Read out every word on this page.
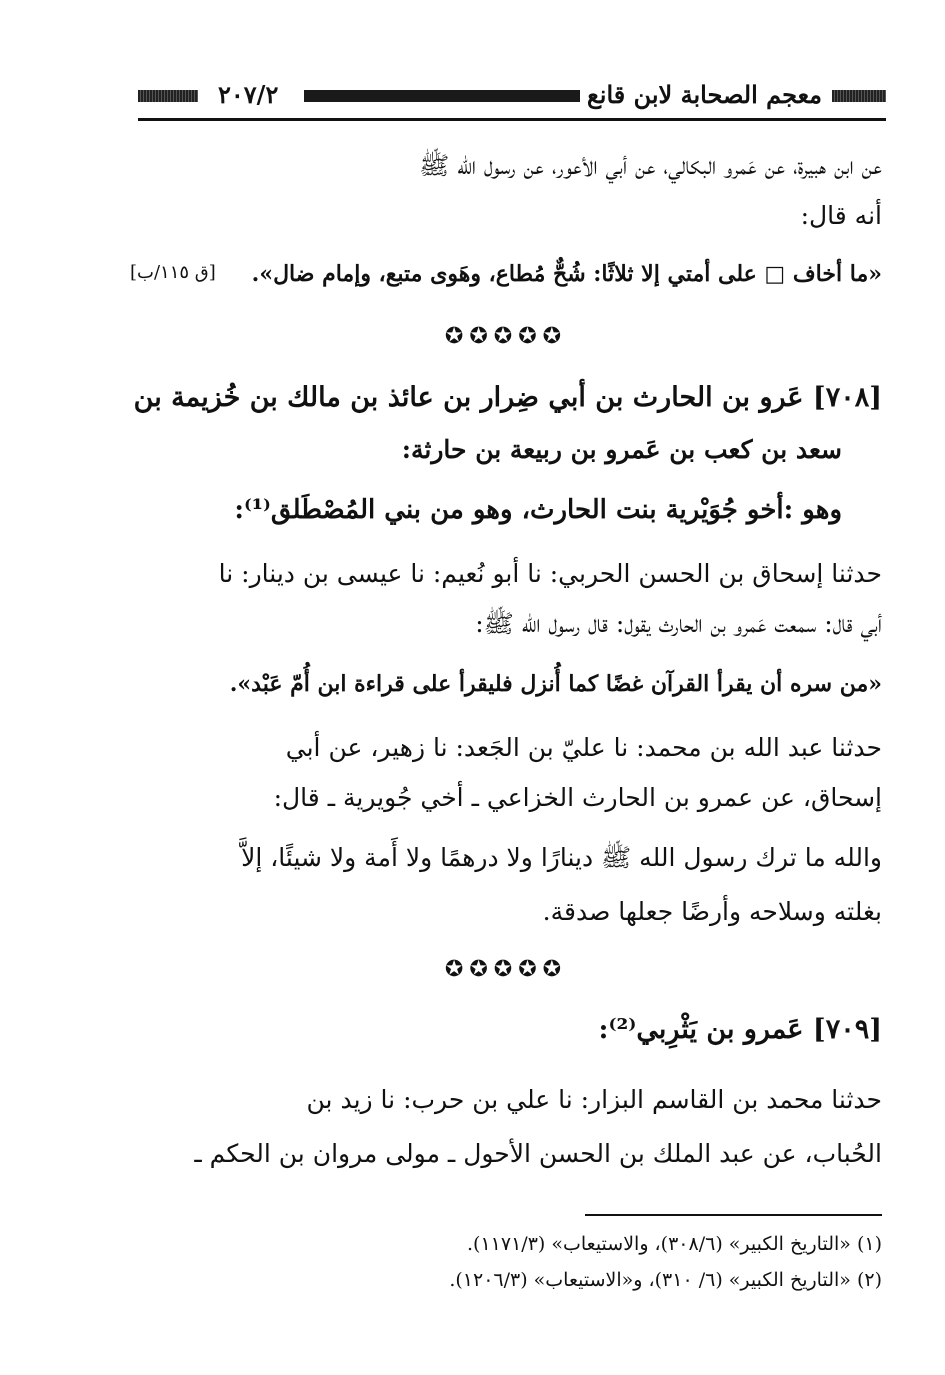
معجم الصحابة لابن قانع
٢٠٧/٢
عن ابن هبيرة، عن عَمرو البكالي، عن أبي الأعور، عن رسول الله ﷺ
أنه قال:
«ما أخاف □ على أمتي إلا ثلاثًا: شُحٌّ مُطاع، وهَوى متبع، وإمام ضال».
[ق ١١٥/ب]
✪✪✪✪✪
[٧٠٨] عَرو بن الحارث بن أبي ضِرار بن عائذ بن مالك بن خُزيمة بن
سعد بن كعب بن عَمرو بن ربيعة بن حارثة:
وهو :أخو جُوَيْرية بنت الحارث، وهو من بني المُصْطَلق⁽¹⁾:
حدثنا إسحاق بن الحسن الحربي: نا أبو نُعيم: نا عيسى بن دينار: نا
أبي قال: سمعت عَمرو بن الحارث يقول: قال رسول الله ﷺ:
«من سره أن يقرأ القرآن غضًا كما أُنزل فليقرأ على قراءة ابن أُمّ عَبْد».
حدثنا عبد الله بن محمد: نا عليّ بن الجَعد: نا زهير، عن أبي
إسحاق، عن عمرو بن الحارث الخزاعي ـ أخي جُويرية ـ قال:
والله ما ترك رسول الله ﷺ دينارًا ولا درهمًا ولا أَمة ولا شيئًا، إلاَّ
بغلته وسلاحه وأرضًا جعلها صدقة.
✪✪✪✪✪
[٧٠٩] عَمرو بن يَثْرِبي⁽²⁾:
حدثنا محمد بن القاسم البزار: نا علي بن حرب: نا زيد بن
الحُباب، عن عبد الملك بن الحسن الأحول ـ مولى مروان بن الحكم ـ
(١) «التاريخ الكبير» (٣٠٨/٦)، والاستيعاب» (١١٧١/٣).
(٢) «التاريخ الكبير» (٦/ ٣١٠)، و«الاستيعاب» (١٢٠٦/٣).
